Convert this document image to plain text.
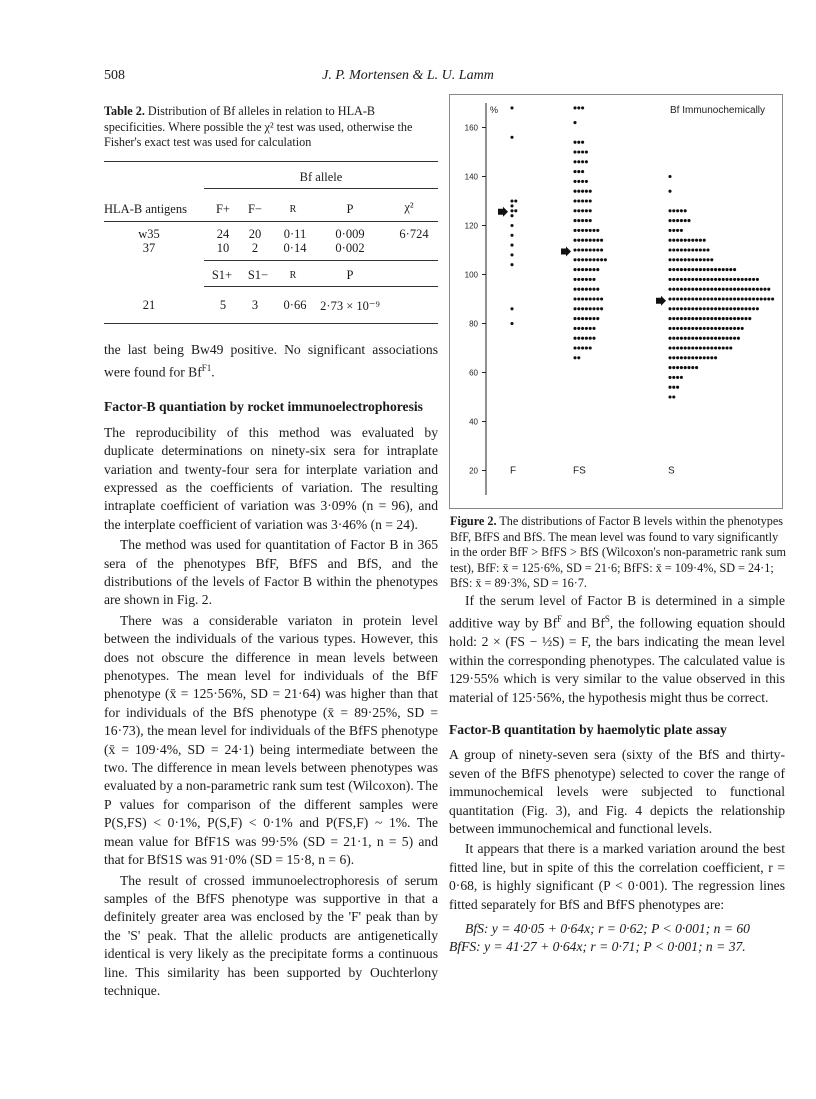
508	J. P. Mortensen & L. U. Lamm
Table 2. Distribution of Bf alleles in relation to HLA-B specificities. Where possible the χ² test was used, otherwise the Fisher's exact test was used for calculation
Bf allele
HLA-B antigens	F+	F−	R	P	χ²
w35	24	20	0·11	0·009	6·724
37	10	2	0·14	0·002
S1+	S1−	R	P
21	5	3	0·66	2·73 × 10⁻⁹

the last being Bw49 positive. No significant associations were found for $Bf^{F1}$.

Factor-B quantiation by rocket immunoelectrophoresis

The reproducibility of this method was evaluated by duplicate determinations on ninety-six sera for intraplate variation and twenty-four sera for interplate variation and expressed as the coefficients of variation. The resulting intraplate coefficient of variation was 3·09% (n = 96), and the interplate coefficient of variation was 3·46% (n = 24).

The method was used for quantitation of Factor B in 365 sera of the phenotypes BfF, BfFS and BfS, and the distributions of the levels of Factor B within the phenotypes are shown in Fig. 2.

There was a considerable variaton in protein level between the individuals of the various types. However, this does not obscure the difference in mean levels between phenotypes. The mean level for individuals of the BfF phenotype (x̄ = 125·56%, SD = 21·64) was higher than that for individuals of the BfS phenotype (x̄ = 89·25%, SD = 16·73), the mean level for individuals of the BfFS phenotype (x̄ = 109·4%, SD = 24·1) being intermediate between the two. The difference in mean levels between phenotypes was evaluated by a non-parametric rank sum test (Wilcoxon). The P values for comparison of the different samples were P(S,FS) < 0·1%, P(S,F) < 0·1% and P(FS,F) ~ 1%. The mean value for BfF1S was 99·5% (SD = 21·1, n = 5) and that for BfS1S was 91·0% (SD = 15·8, n = 6).

The result of crossed immunoelectrophoresis of serum samples of the BfFS phenotype was supportive in that a definitely greater area was enclosed by the 'F' peak than by the 'S' peak. That the allelic products are antigenetically identical is very likely as the precipitate forms a continuous line. This similarity has been supported by Ouchterlony technique.

%
20
40
60
80
100
120
140
160
Bf Immunochemically
F	FS	S
Figure 2. The distributions of Factor B levels within the phenotypes BfF, BfFS and BfS. The mean level was found to vary significantly in the order BfF > BfFS > BfS (Wilcoxon's non-parametric rank sum test), BfF: x̄ = 125·6%, SD = 21·6; BfFS: x̄ = 109·4%, SD = 24·1; BfS: x̄ = 89·3%, SD = 16·7.

If the serum level of Factor B is determined in a simple additive way by $Bf^F$ and $Bf^S$, the following equation should hold: 2 × (FS − ½S) = F, the bars indicating the mean level within the corresponding phenotypes. The calculated value is 129·55% which is very similar to the value observed in this material of 125·56%, the hypothesis might thus be correct.

Factor-B quantitation by haemolytic plate assay

A group of ninety-seven sera (sixty of the BfS and thirty-seven of the BfFS phenotype) selected to cover the range of immunochemical levels were subjected to functional quantitation (Fig. 3), and Fig. 4 depicts the relationship between immunochemical and functional levels.

It appears that there is a marked variation around the best fitted line, but in spite of this the correlation coefficient, r = 0·68, is highly significant (P < 0·001). The regression lines fitted separately for BfS and BfFS phenotypes are:

BfS: y = 40·05 + 0·64x; r = 0·62; P < 0·001; n = 60
BfFS: y = 41·27 + 0·64x; r = 0·71; P < 0·001; n = 37.
